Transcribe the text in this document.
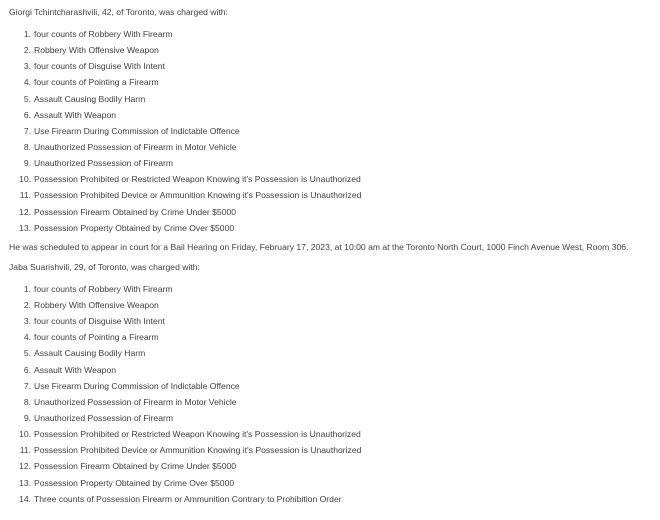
Giorgi Tchintcharashvili, 42, of Toronto, was charged with:

1. four counts of Robbery With Firearm
2. Robbery With Offensive Weapon
3. four counts of Disguise With Intent
4. four counts of Pointing a Firearm
5. Assault Causing Bodily Harm
6. Assault With Weapon
7. Use Firearm During Commission of Indictable Offence
8. Unauthorized Possession of Firearm in Motor Vehicle
9. Unauthorized Possession of Firearm
10. Possession Prohibited or Restricted Weapon Knowing it's Possession is Unauthorized
11. Possession Prohibited Device or Ammunition Knowing it's Possession is Unauthorized
12. Possession Firearm Obtained by Crime Under $5000
13. Possession Property Obtained by Crime Over $5000

He was scheduled to appear in court for a Bail Hearing on Friday, February 17, 2023, at 10:00 am at the Toronto North Court, 1000 Finch Avenue West, Room 306.

Jaba Suarishvili, 29, of Toronto, was charged with:

1. four counts of Robbery With Firearm
2. Robbery With Offensive Weapon
3. four counts of Disguise With Intent
4. four counts of Pointing a Firearm
5. Assault Causing Bodily Harm
6. Assault With Weapon
7. Use Firearm During Commission of Indictable Offence
8. Unauthorized Possession of Firearm in Motor Vehicle
9. Unauthorized Possession of Firearm
10. Possession Prohibited or Restricted Weapon Knowing it's Possession is Unauthorized
11. Possession Prohibited Device or Ammunition Knowing it's Possession is Unauthorized
12. Possession Firearm Obtained by Crime Under $5000
13. Possession Property Obtained by Crime Over $5000
14. Three counts of Possession Firearm or Ammunition Contrary to Prohibition Order
